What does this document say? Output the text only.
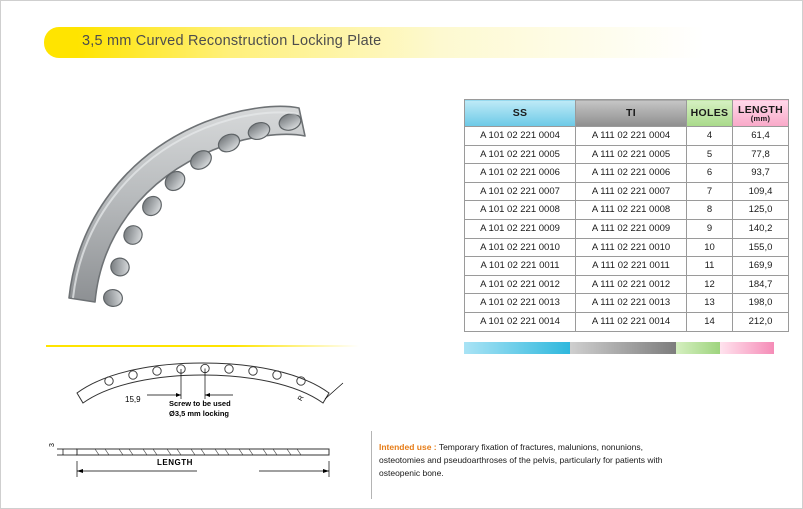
3,5 mm Curved Reconstruction Locking Plate
15,9	Screw to be used
Ø3,5 mm locking
R
3
LENGTH
SS	TI	HOLES	LENGTH
(mm)

A 101 02 221 0004	A 111 02 221 0004	4	61,4
A 101 02 221 0005	A 111 02 221 0005	5	77,8
A 101 02 221 0006	A 111 02 221 0006	6	93,7
A 101 02 221 0007	A 111 02 221 0007	7	109,4
A 101 02 221 0008	A 111 02 221 0008	8	125,0
A 101 02 221 0009	A 111 02 221 0009	9	140,2
A 101 02 221 0010	A 111 02 221 0010	10	155,0
A 101 02 221 0011	A 111 02 221 0011	11	169,9
A 101 02 221 0012	A 111 02 221 0012	12	184,7
A 101 02 221 0013	A 111 02 221 0013	13	198,0
A 101 02 221 0014	A 111 02 221 0014	14	212,0
Intended use : Temporary fixation of fractures, malunions, nonunions, osteotomies and pseudoarthroses of the pelvis, particularly for patients with osteopenic bone.
